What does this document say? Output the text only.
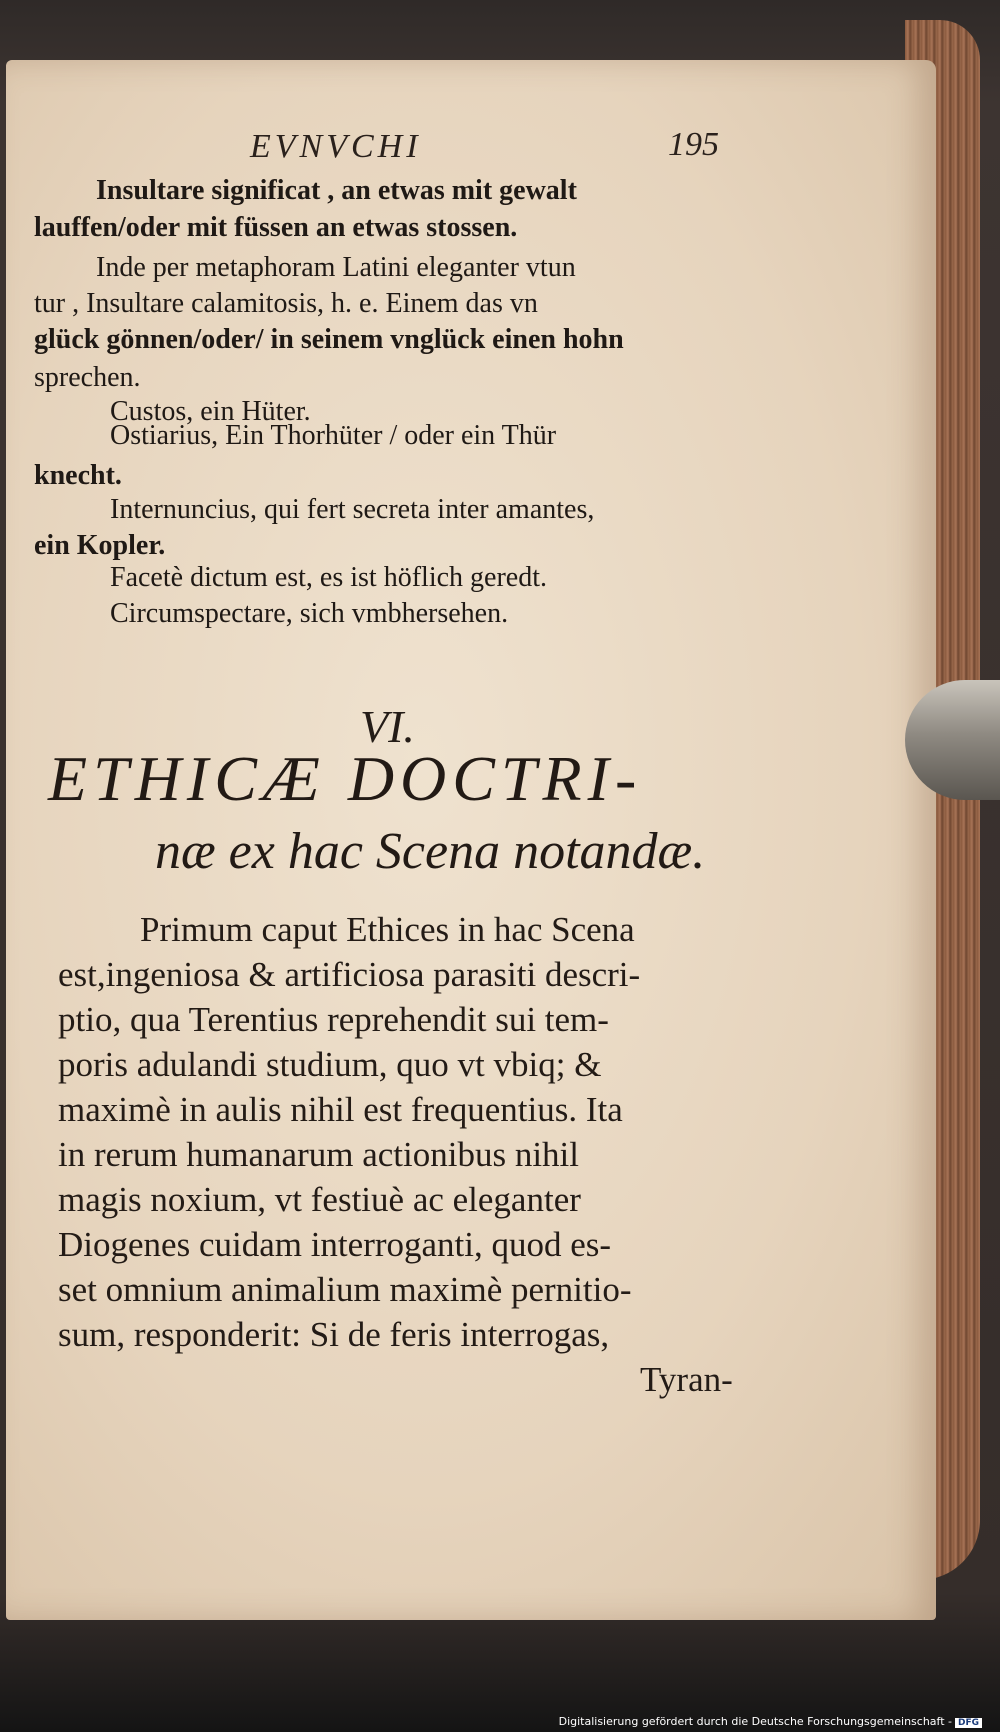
EVNVCHI	195
Insultare significat , an etwas mit gewalt
lauffen/oder mit füssen an etwas stossen.
Inde per metaphoram Latini eleganter vtun
tur , Insultare calamitosis, h. e. Einem das vn
glück gönnen/oder/ in seinem vnglück einen hohn
sprechen.
Custos, ein Hüter.
Ostiarius, Ein Thorhüter / oder ein Thür
knecht.
Internuncius, qui fert secreta inter amantes,
ein Kopler.
Facetè dictum est, es ist höflich geredt.
Circumspectare, sich vmbhersehen.
VI.
ETHICÆ DOCTRI-
næ ex hac Scena notandæ.
Primum caput Ethices in hac Scena
est,ingeniosa & artificiosa parasiti descri-
ptio, qua Terentius reprehendit sui tem-
poris adulandi studium, quo vt vbiq; &
maximè in aulis nihil est frequentius. Ita
in rerum humanarum actionibus nihil
magis noxium, vt festiuè ac eleganter
Diogenes cuidam interroganti, quod es-
set omnium animalium maximè pernitio-
sum, responderit: Si de feris interrogas,
Tyran-
Digitalisierung gefördert durch die Deutsche Forschungsgemeinschaft - DFG
